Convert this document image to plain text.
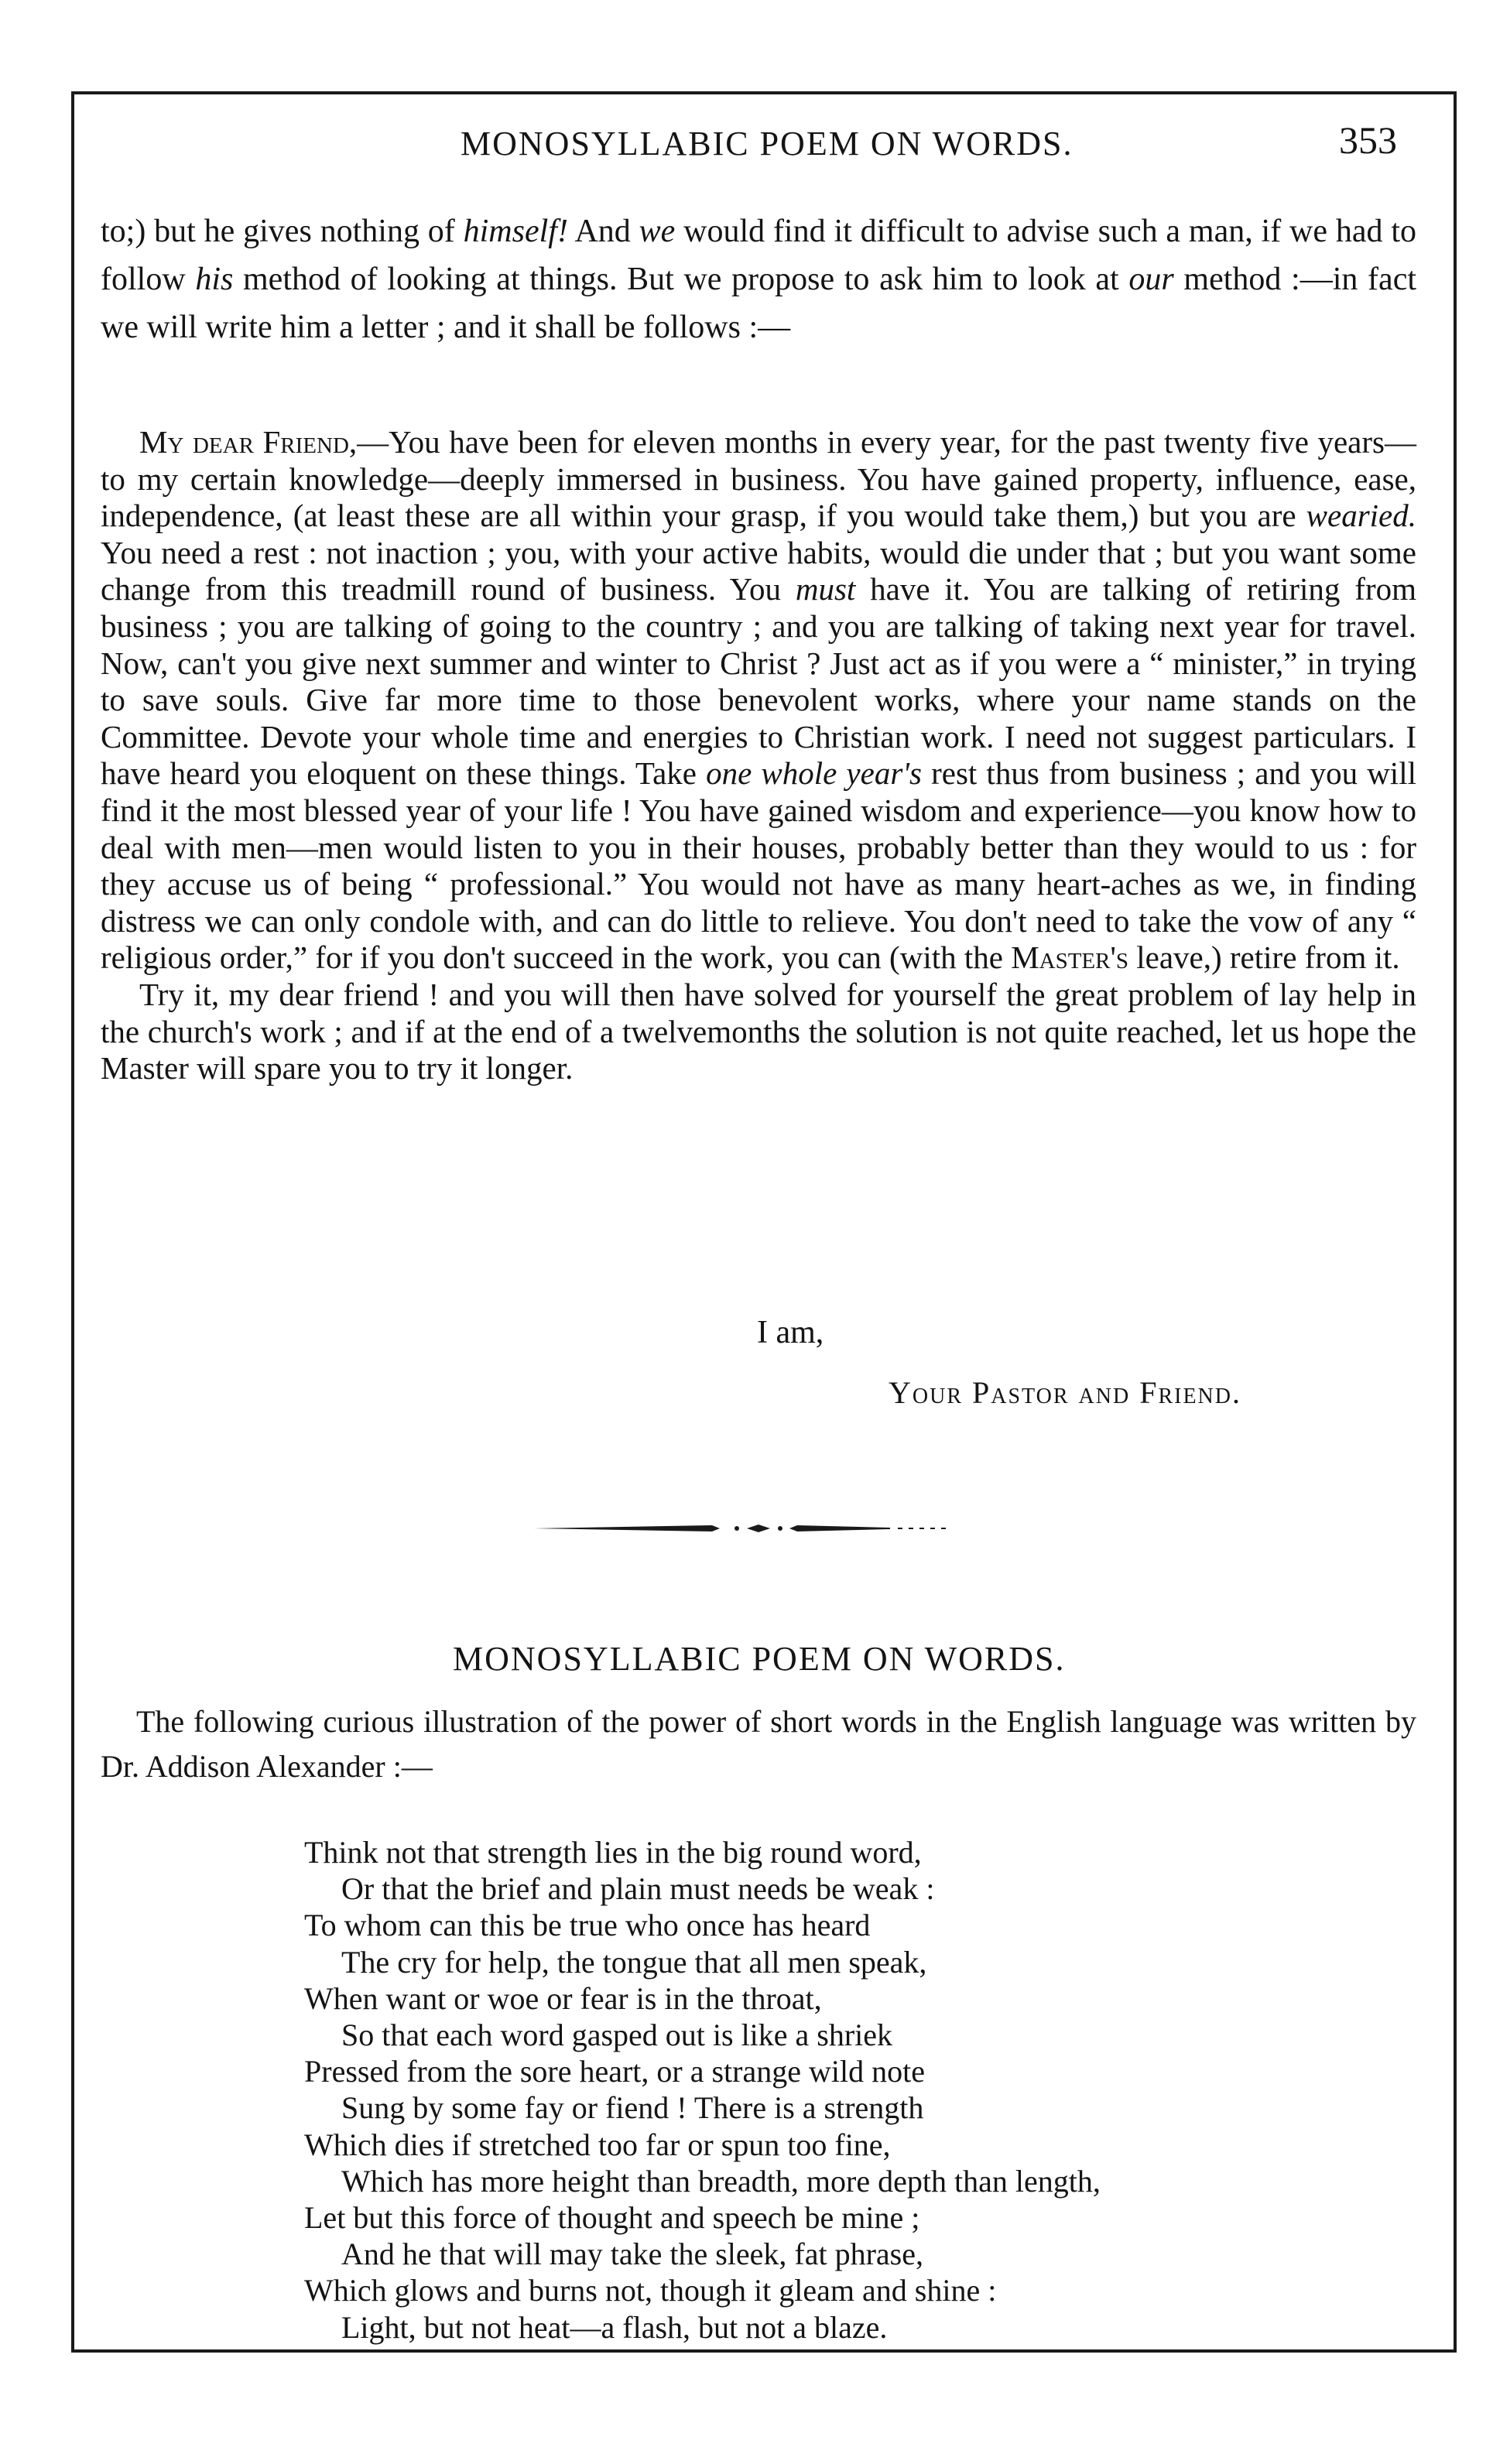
MONOSYLLABIC POEM ON WORDS.	353
to;) but he gives nothing of himself! And we would find it difficult to advise such a man, if we had to follow his method of looking at things. But we propose to ask him to look at our method :—in fact we will write him a letter ; and it shall be follows :—

My dear Friend,—You have been for eleven months in every year, for the past twenty five years—to my certain knowledge—deeply immersed in business. You have gained property, influence, ease, independence, (at least these are all within your grasp, if you would take them,) but you are wearied. You need a rest : not inaction ; you, with your active habits, would die under that ; but you want some change from this treadmill round of business. You must have it. You are talking of retiring from business ; you are talking of going to the country ; and you are talking of taking next year for travel. Now, can't you give next summer and winter to Christ ? Just act as if you were a “ minister,” in trying to save souls. Give far more time to those benevolent works, where your name stands on the Committee. Devote your whole time and energies to Christian work. I need not suggest particulars. I have heard you eloquent on these things. Take one whole year's rest thus from business ; and you will find it the most blessed year of your life ! You have gained wisdom and experience—you know how to deal with men—men would listen to you in their houses, probably better than they would to us : for they accuse us of being “ professional.” You would not have as many heart-aches as we, in finding distress we can only condole with, and can do little to relieve. You don't need to take the vow of any “ religious order,” for if you don't succeed in the work, you can (with the Master's leave,) retire from it.

Try it, my dear friend ! and you will then have solved for yourself the great problem of lay help in the church's work ; and if at the end of a twelvemonths the solution is not quite reached, let us hope the Master will spare you to try it longer.

I am,
Your Pastor and Friend.
MONOSYLLABIC POEM ON WORDS.

The following curious illustration of the power of short words in the English language was written by Dr. Addison Alexander :—

Think not that strength lies in the big round word,
Or that the brief and plain must needs be weak :
To whom can this be true who once has heard
The cry for help, the tongue that all men speak,
When want or woe or fear is in the throat,
So that each word gasped out is like a shriek
Pressed from the sore heart, or a strange wild note
Sung by some fay or fiend ! There is a strength
Which dies if stretched too far or spun too fine,
Which has more height than breadth, more depth than length,
Let but this force of thought and speech be mine ;
And he that will may take the sleek, fat phrase,
Which glows and burns not, though it gleam and shine :
Light, but not heat—a flash, but not a blaze.
